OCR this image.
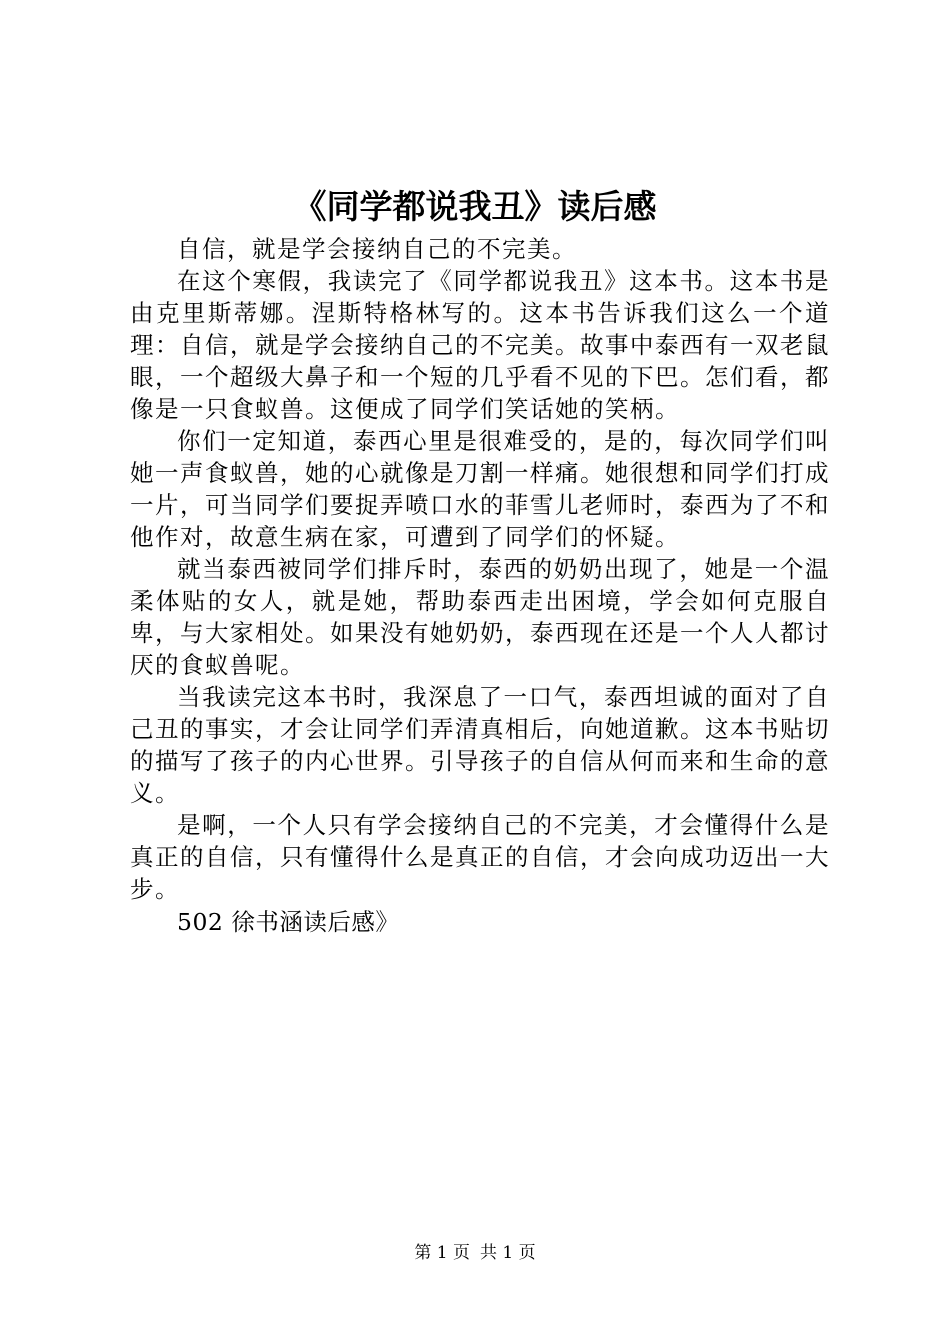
《同学都说我丑》读后感

自信，就是学会接纳自己的不完美。

在这个寒假，我读完了《同学都说我丑》这本书。这本书是由克里斯蒂娜。涅斯特格林写的。这本书告诉我们这么一个道理：自信，就是学会接纳自己的不完美。故事中泰西有一双老鼠眼，一个超级大鼻子和一个短的几乎看不见的下巴。怎们看，都像是一只食蚁兽。这便成了同学们笑话她的笑柄。

你们一定知道，泰西心里是很难受的，是的，每次同学们叫她一声食蚁兽，她的心就像是刀割一样痛。她很想和同学们打成一片，可当同学们要捉弄喷口水的菲雪儿老师时，泰西为了不和他作对，故意生病在家，可遭到了同学们的怀疑。

就当泰西被同学们排斥时，泰西的奶奶出现了，她是一个温柔体贴的女人，就是她，帮助泰西走出困境，学会如何克服自卑，与大家相处。如果没有她奶奶，泰西现在还是一个人人都讨厌的食蚁兽呢。

当我读完这本书时，我深息了一口气，泰西坦诚的面对了自己丑的事实，才会让同学们弄清真相后，向她道歉。这本书贴切的描写了孩子的内心世界。引导孩子的自信从何而来和生命的意义。

是啊，一个人只有学会接纳自己的不完美，才会懂得什么是真正的自信，只有懂得什么是真正的自信，才会向成功迈出一大步。

502 徐书涵读后感》

第 1 页 共 1 页
